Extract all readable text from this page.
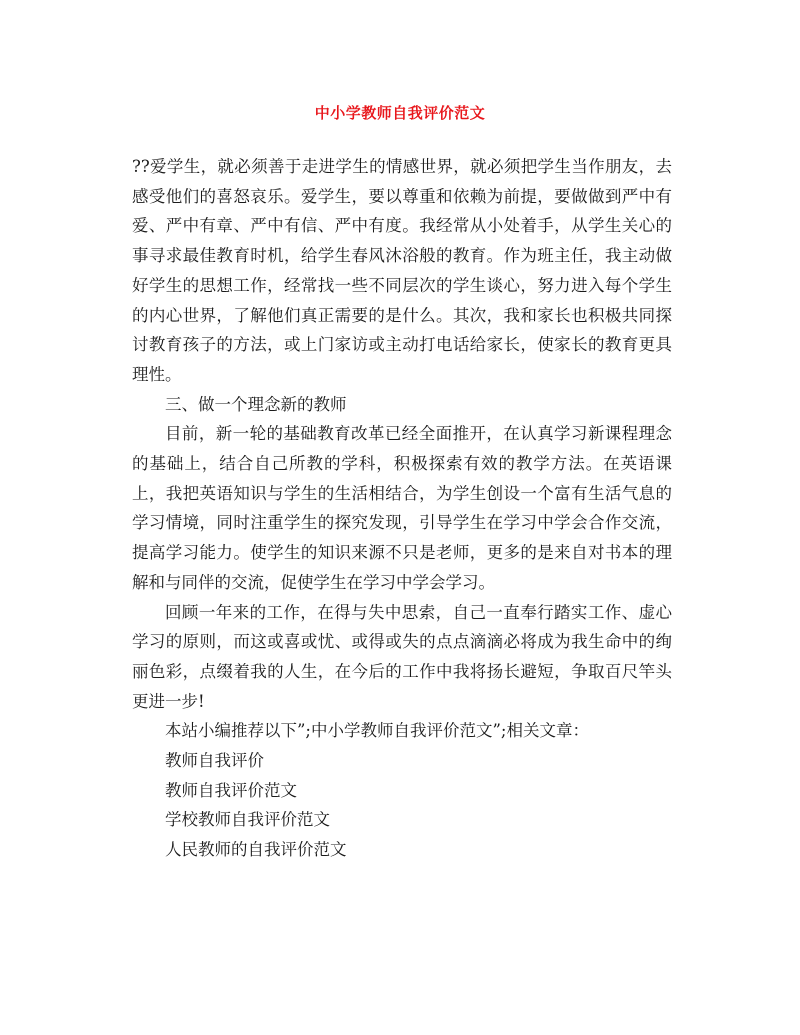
中小学教师自我评价范文

??爱学生，就必须善于走进学生的情感世界，就必须把学生当作朋友，去感受他们的喜怒哀乐。爱学生，要以尊重和依赖为前提，要做做到严中有爱、严中有章、严中有信、严中有度。我经常从小处着手，从学生关心的事寻求最佳教育时机，给学生春风沐浴般的教育。作为班主任，我主动做好学生的思想工作，经常找一些不同层次的学生谈心，努力进入每个学生的内心世界，了解他们真正需要的是什么。其次，我和家长也积极共同探讨教育孩子的方法，或上门家访或主动打电话给家长，使家长的教育更具理性。

三、做一个理念新的教师

目前，新一轮的基础教育改革已经全面推开，在认真学习新课程理念的基础上，结合自己所教的学科，积极探索有效的教学方法。在英语课上，我把英语知识与学生的生活相结合，为学生创设一个富有生活气息的学习情境，同时注重学生的探究发现，引导学生在学习中学会合作交流，提高学习能力。使学生的知识来源不只是老师，更多的是来自对书本的理解和与同伴的交流，促使学生在学习中学会学习。

回顾一年来的工作，在得与失中思索，自己一直奉行踏实工作、虚心学习的原则，而这或喜或忧、或得或失的点点滴滴必将成为我生命中的绚丽色彩，点缀着我的人生，在今后的工作中我将扬长避短，争取百尺竿头更进一步!

本站小编推荐以下”;中小学教师自我评价范文”;相关文章：

教师自我评价

教师自我评价范文

学校教师自我评价范文

人民教师的自我评价范文
